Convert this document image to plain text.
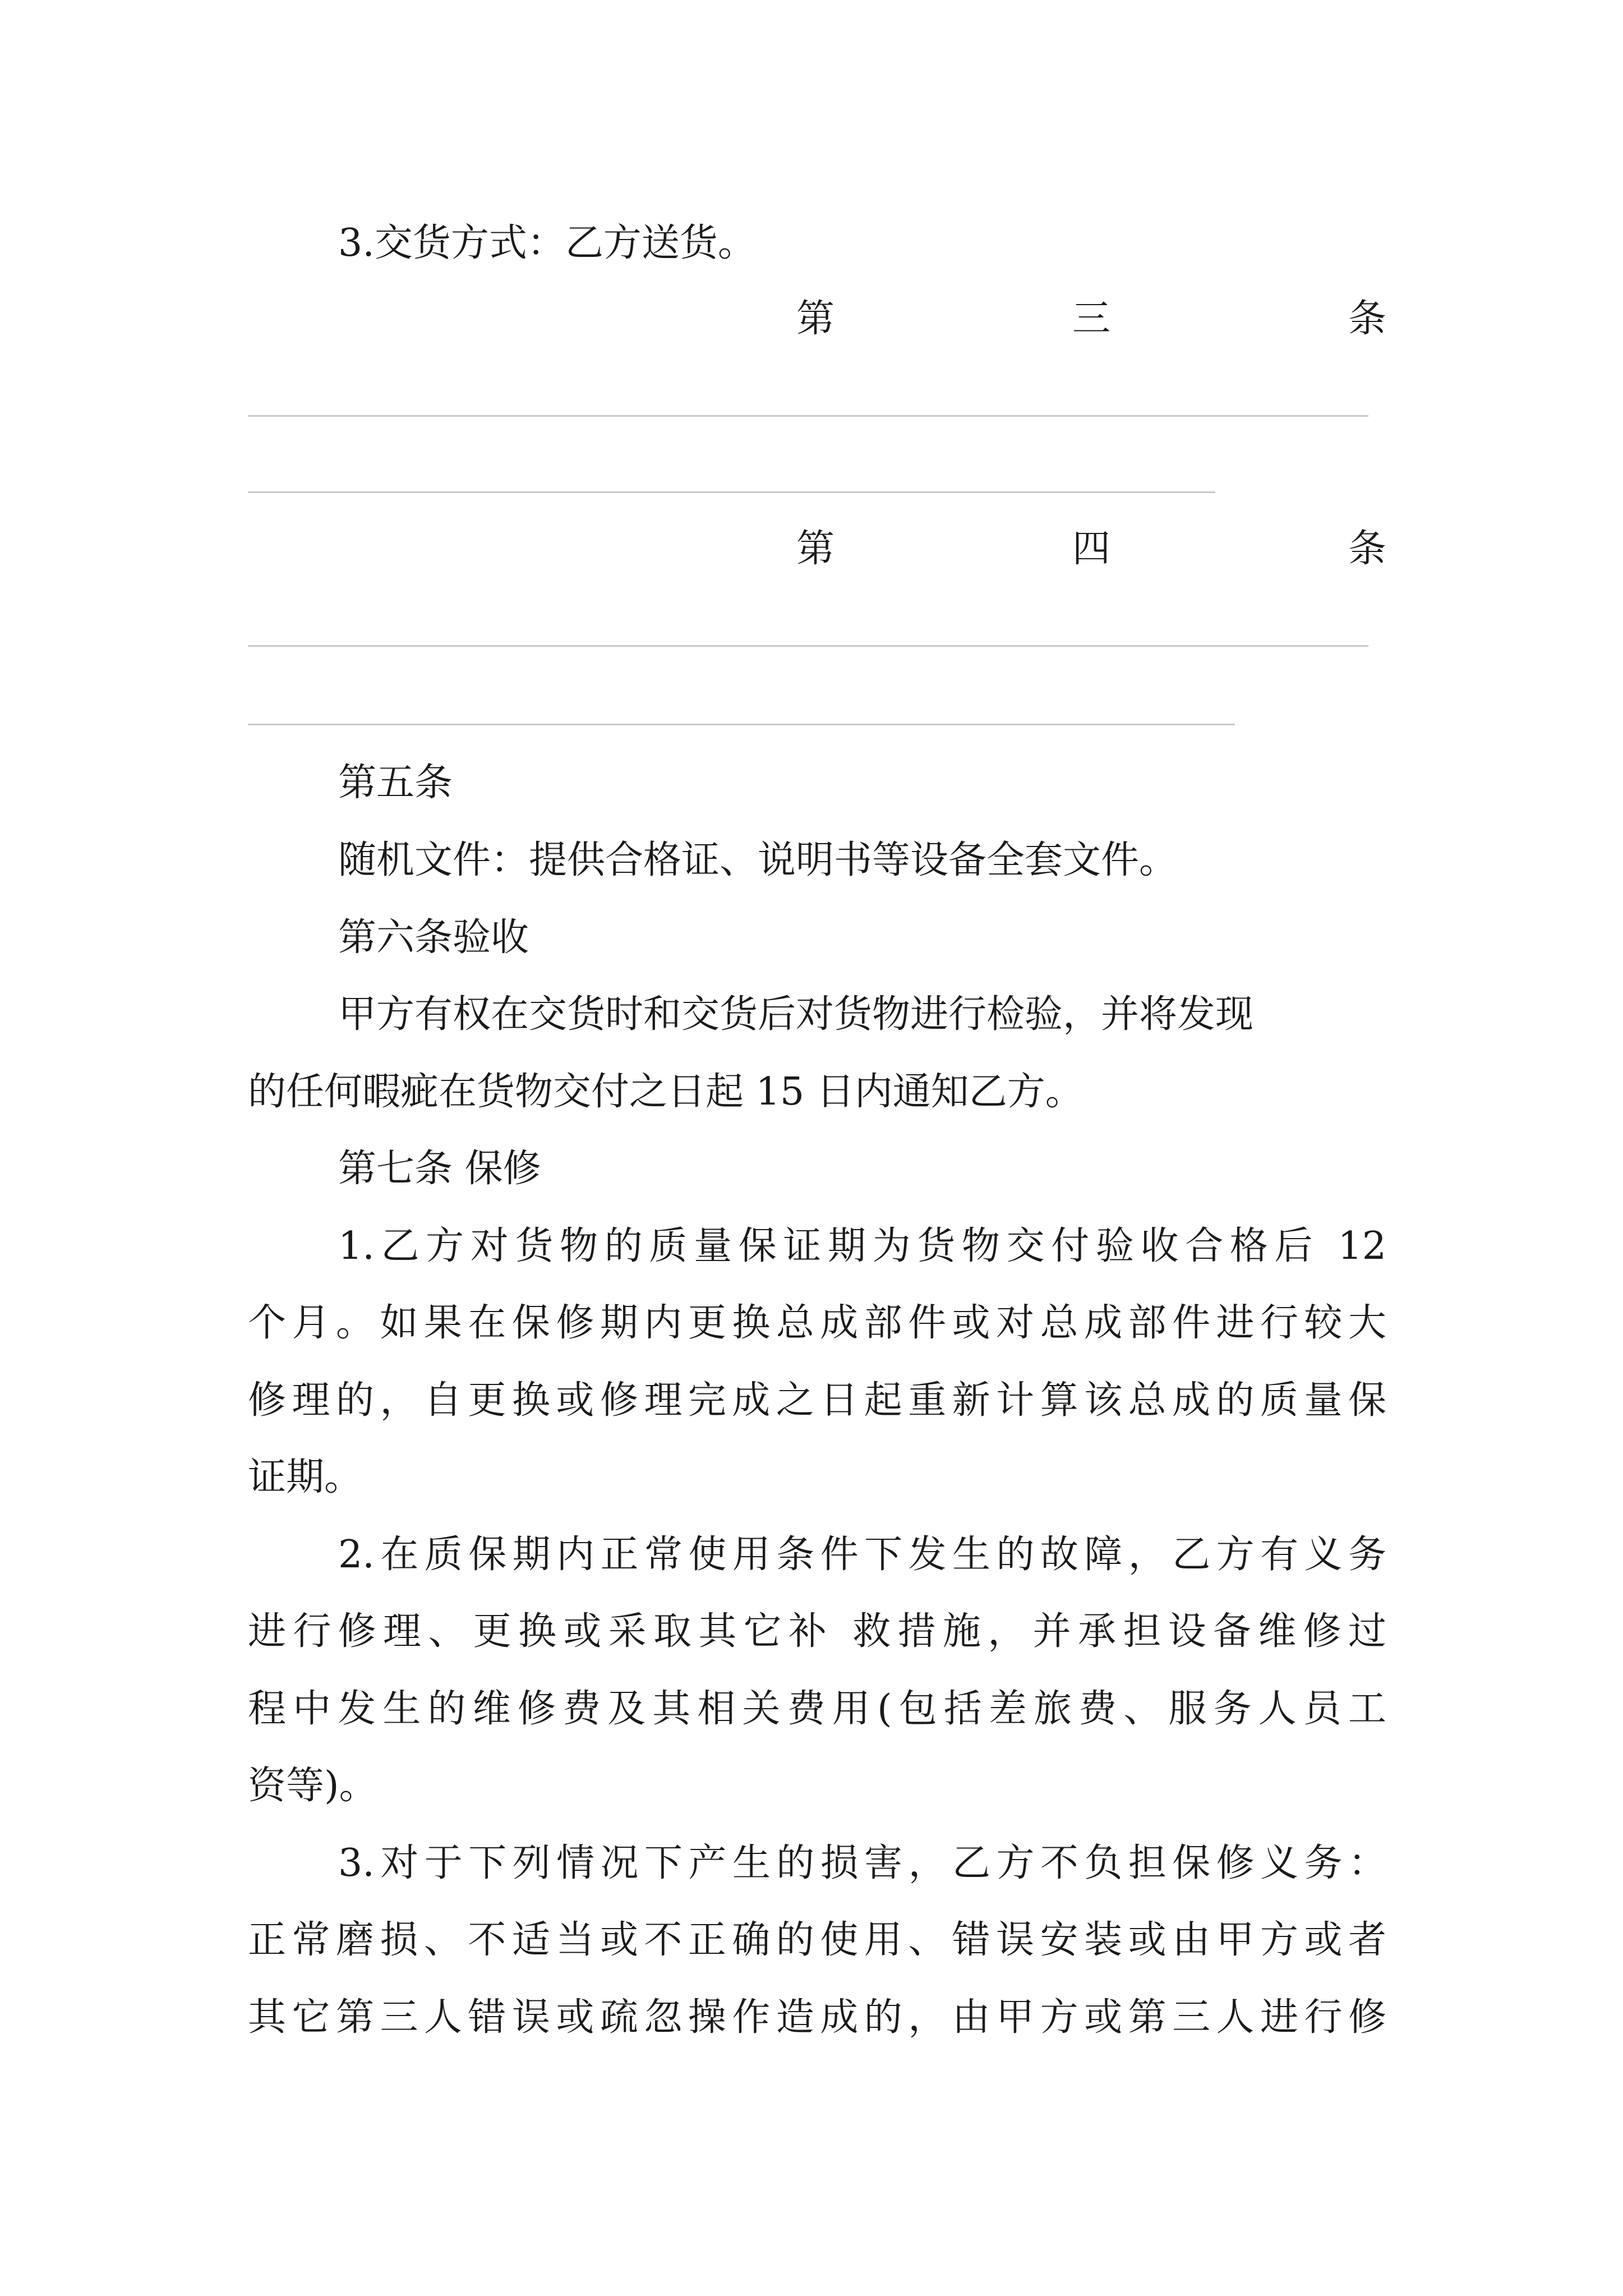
3.交货方式：乙方送货。
第	三	条
第	四	条
第五条
随机文件：提供合格证、说明书等设备全套文件。
第六条验收
甲方有权在交货时和交货后对货物进行检验，并将发现
的任何暇疵在货物交付之日起 15 日内通知乙方。
第七条 保修
1.乙方对货物的质量保证期为货物交付验收合格后 12
个月。如果在保修期内更换总成部件或对总成部件进行较大
修理的，自更换或修理完成之日起重新计算该总成的质量保
证期。
2.在质保期内正常使用条件下发生的故障，乙方有义务
进行修理、更换或采取其它补 救措施，并承担设备维修过
程中发生的维修费及其相关费用(包括差旅费、服务人员工
资等)。
3.对于下列情况下产生的损害，乙方不负担保修义务：
正常磨损、不适当或不正确的使用、错误安装或由甲方或者
其它第三人错误或疏忽操作造成的，由甲方或第三人进行修
